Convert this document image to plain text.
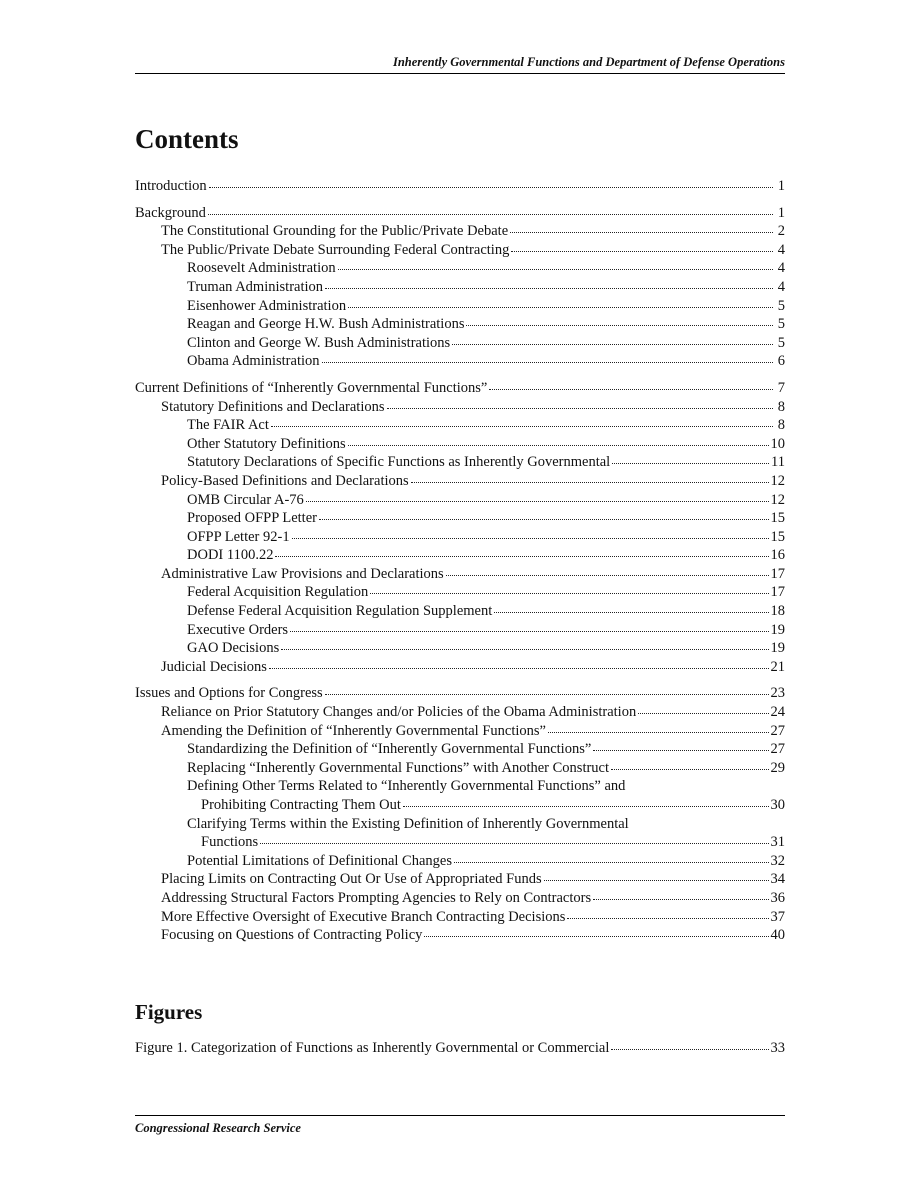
Inherently Governmental Functions and Department of Defense Operations
Contents
Introduction	1
Background	1
The Constitutional Grounding for the Public/Private Debate	2
The Public/Private Debate Surrounding Federal Contracting	4
Roosevelt Administration	4
Truman Administration	4
Eisenhower Administration	5
Reagan and George H.W. Bush Administrations	5
Clinton and George W. Bush Administrations	5
Obama Administration	6
Current Definitions of “Inherently Governmental Functions”	7
Statutory Definitions and Declarations	8
The FAIR Act	8
Other Statutory Definitions	10
Statutory Declarations of Specific Functions as Inherently Governmental	11
Policy-Based Definitions and Declarations	12
OMB Circular A-76	12
Proposed OFPP Letter	15
OFPP Letter 92-1	15
DODI 1100.22	16
Administrative Law Provisions and Declarations	17
Federal Acquisition Regulation	17
Defense Federal Acquisition Regulation Supplement	18
Executive Orders	19
GAO Decisions	19
Judicial Decisions	21
Issues and Options for Congress	23
Reliance on Prior Statutory Changes and/or Policies of the Obama Administration	24
Amending the Definition of “Inherently Governmental Functions”	27
Standardizing the Definition of “Inherently Governmental Functions”	27
Replacing “Inherently Governmental Functions” with Another Construct	29
Defining Other Terms Related to “Inherently Governmental Functions” and
Prohibiting Contracting Them Out	30
Clarifying Terms within the Existing Definition of Inherently Governmental
Functions	31
Potential Limitations of Definitional Changes	32
Placing Limits on Contracting Out Or Use of Appropriated Funds	34
Addressing Structural Factors Prompting Agencies to Rely on Contractors	36
More Effective Oversight of Executive Branch Contracting Decisions	37
Focusing on Questions of Contracting Policy	40
Figures
Figure 1. Categorization of Functions as Inherently Governmental or Commercial	33
Congressional Research Service
